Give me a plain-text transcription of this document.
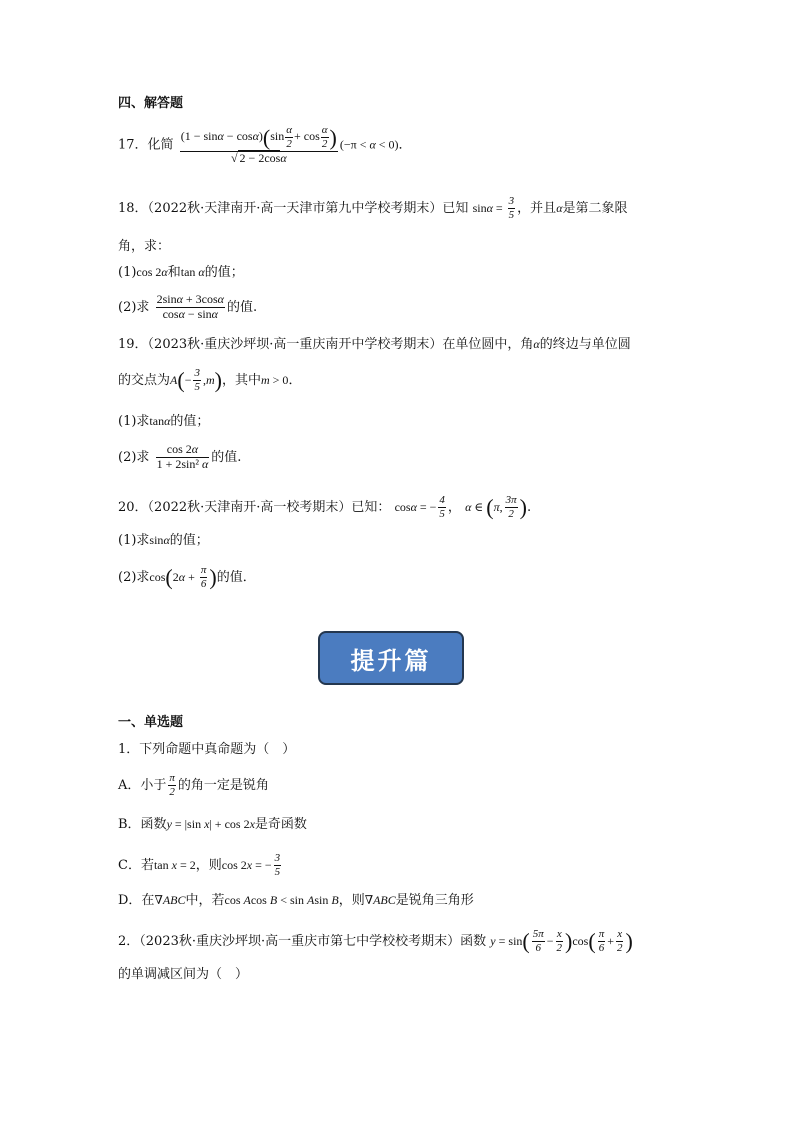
四、解答题
17．化简 $\frac{(1 - \sin\alpha - \cos\alpha)(\sin \frac{\alpha}{2} + \cos \frac{\alpha}{2} )}{√ 2 - 2\cos\alpha} (-\pi < \alpha < 0)$．
18．（2022秋·天津南开·高一天津市第九中学校考期末）已知 $\sin\alpha = \frac{3}{5}$ ，并且α是第二象限
角，求：
(1)cos 2α和tan α的值；
(2)求 $\frac{2\sin\alpha + 3\cos\alpha}{\cos\alpha - \sin\alpha}$ 的值.
19．（2023秋·重庆沙坪坝·高一重庆南开中学校考期末）在单位圆中，角α的终边与单位圆
的交点为$A(- \frac{3}{5} ,m)$，其中m > 0．
(1)求tanα的值；
(2)求 $\frac{\cos 2\alpha}{\text{1 + 2sin² α}}$ 的值.
20．（2022秋·天津南开·高一校考期末）已知： cosα = − $\frac{4}{5}$ ， α ∈ (π, $\frac{3\pi}{2}$ ).
(1)求sinα的值；
(2)求$\cos(2\alpha + \frac{\pi}{6}$ )的值．
提升篇
一、单选题
1．下列命题中真命题为（　）
A．小于 $\frac{\pi}{2}$ 的角一定是锐角
B．函数y = |sin x| + cos 2x是奇函数
C．若tan x = 2，则cos 2x = − $\frac{3}{5}$
D．在∇ABC中，若cos Acos B < sin Asin B，则∇ABC是锐角三角形
2．（2023秋·重庆沙坪坝·高一重庆市第七中学校校考期末）函数 $y = \sin( \frac{5\pi}{6} - \frac{x}{2} )\cos( \frac{\pi}{6} + \frac{x}{2}$ )
的单调减区间为（　）
